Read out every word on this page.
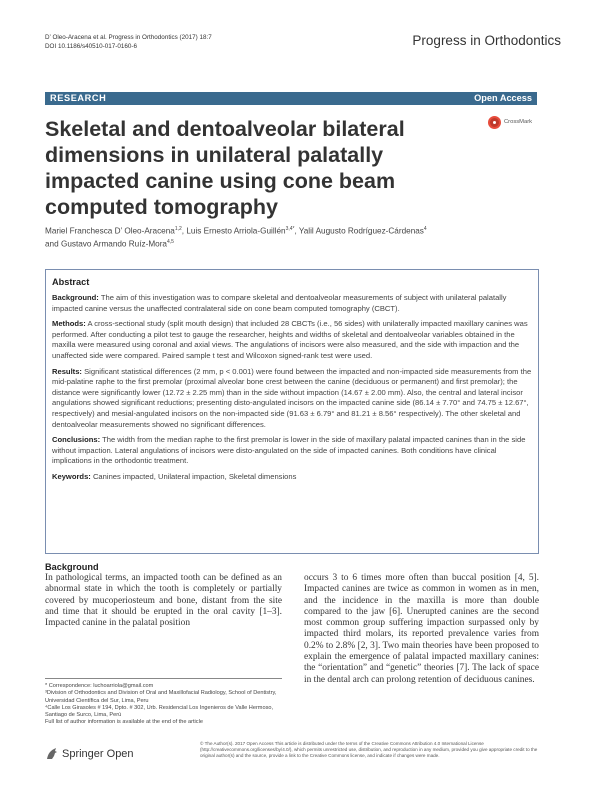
D’ Oleo-Aracena et al. Progress in Orthodontics (2017) 18:7
DOI 10.1186/s40510-017-0160-6	Progress in Orthodontics
RESEARCH	Open Access
CrossMark
Skeletal and dentoalveolar bilateral dimensions in unilateral palatally impacted canine using cone beam computed tomography
Mariel Franchesca D’ Oleo-Aracena$^{1,2}$, Luis Ernesto Arriola-Guillén$^{3,4*}$, Yalil Augusto Rodríguez-Cárdenas$^4$
and Gustavo Armando Ruíz-Mora$^{4,5}$
Abstract

Background: The aim of this investigation was to compare skeletal and dentoalveolar measurements of subject with unilateral palatally impacted canine versus the unaffected contralateral side on cone beam computed tomography (CBCT).

Methods: A cross-sectional study (split mouth design) that included 28 CBCTs (i.e., 56 sides) with unilaterally impacted maxillary canines was performed. After conducting a pilot test to gauge the researcher, heights and widths of skeletal and dentoalveolar variables obtained in the maxilla were measured using coronal and axial views. The angulations of incisors were also measured, and the side with impaction and the unaffected side were compared. Paired sample t test and Wilcoxon signed-rank test were used.

Results: Significant statistical differences (2 mm, p < 0.001) were found between the impacted and non-impacted side measurements from the mid-palatine raphe to the first premolar (proximal alveolar bone crest between the canine (deciduous or permanent) and first premolar); the distance were significantly lower (12.72 ± 2.25 mm) than in the side without impaction (14.67 ± 2.00 mm). Also, the central and lateral incisor angulations showed significant reductions; presenting disto-angulated incisors on the impacted canine side (86.14 ± 7.70° and 74.75 ± 12.67°, respectively) and mesial-angulated incisors on the non-impacted side (91.63 ± 6.79° and 81.21 ± 8.56° respectively). The other skeletal and dentoalveolar measurements showed no significant differences.

Conclusions: The width from the median raphe to the first premolar is lower in the side of maxillary palatal impacted canines than in the side without impaction. Lateral angulations of incisors were disto-angulated on the side of impacted canines. Both conditions have clinical implications in the orthodontic treatment.

Keywords: Canines impacted, Unilateral impaction, Skeletal dimensions

Background

In pathological terms, an impacted tooth can be defined as an abnormal state in which the tooth is completely or partially covered by mucoperiosteum and bone, distant from the site and time that it should be erupted in the oral cavity [1–3]. Impacted canine in the palatal position

occurs 3 to 6 times more often than buccal position [4, 5]. Impacted canines are twice as common in women as in men, and the incidence in the maxilla is more than double compared to the jaw [6]. Unerupted canines are the second most common group suffering impaction surpassed only by impacted third molars, its reported prevalence varies from 0.2% to 2.8% [2, 3]. Two main theories have been proposed to explain the emergence of palatal impacted maxillary canines: the “orientation” and “genetic” theories [7]. The lack of space in the dental arch can prolong retention of deciduous canines.

* Correspondence: luchoarriola@gmail.com
³Division of Orthodontics and Division of Oral and Maxillofacial Radiology, School of Dentistry, Universidad Científica del Sur, Lima, Peru
⁴Calle Los Girasoles # 194, Dpto. # 302, Urb. Residencial Los Ingenieros de Valle Hermoso, Santiago de Surco, Lima, Perú
Full list of author information is available at the end of the article
Springer Open
© The Author(s). 2017 Open Access This article is distributed under the terms of the Creative Commons Attribution 4.0 International License (http://creativecommons.org/licenses/by/4.0/), which permits unrestricted use, distribution, and reproduction in any medium, provided you give appropriate credit to the original author(s) and the source, provide a link to the Creative Commons license, and indicate if changes were made.
